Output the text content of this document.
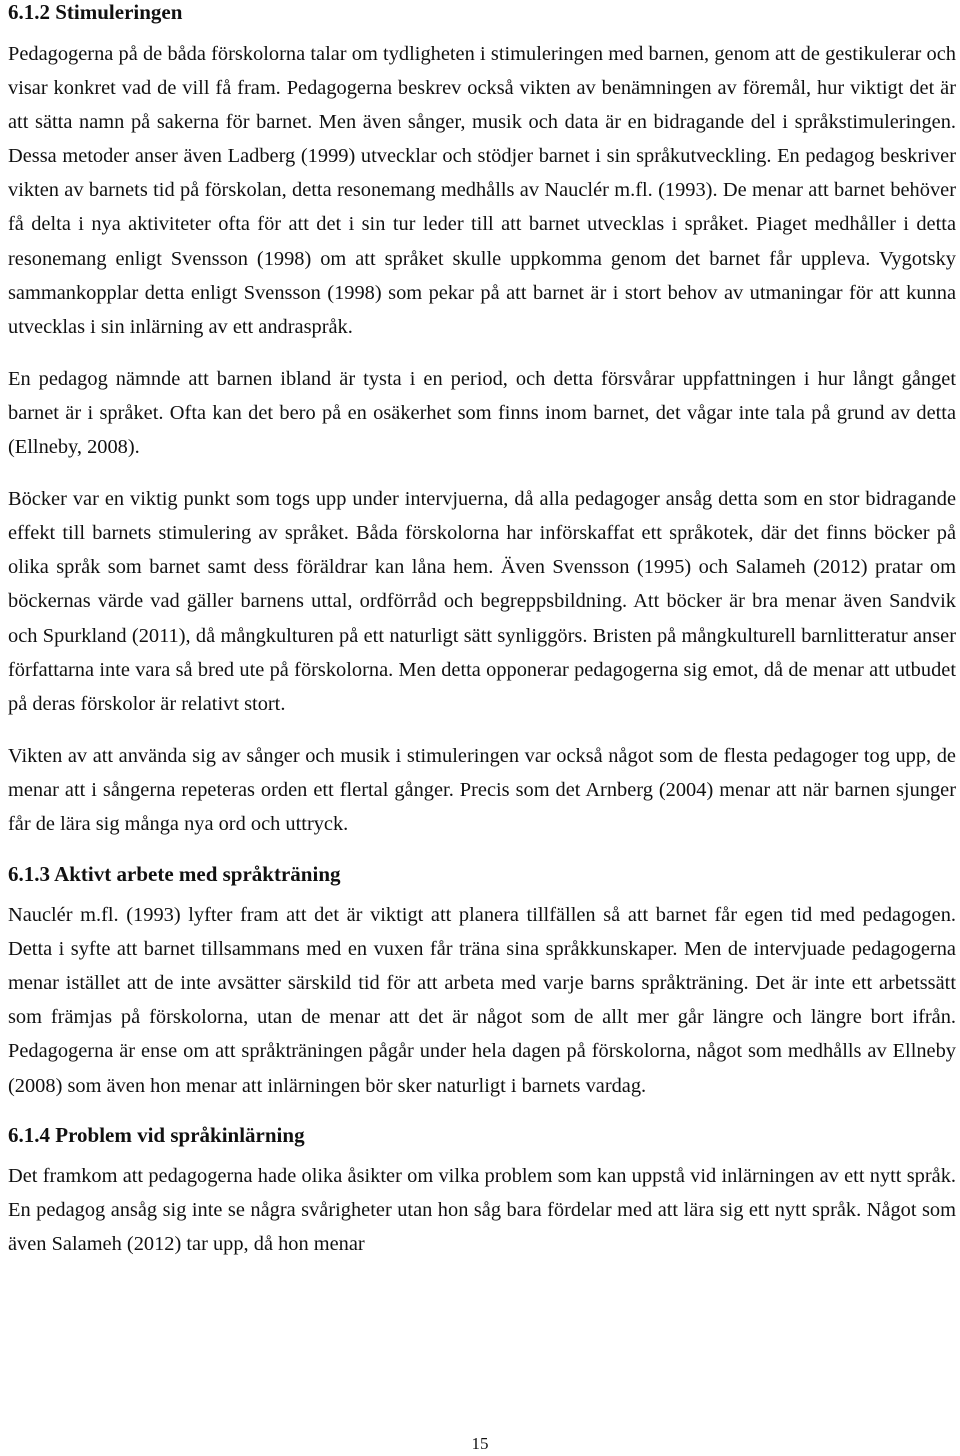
6.1.2 Stimuleringen

Pedagogerna på de båda förskolorna talar om tydligheten i stimuleringen med barnen, genom att de gestikulerar och visar konkret vad de vill få fram. Pedagogerna beskrev också vikten av benämningen av föremål, hur viktigt det är att sätta namn på sakerna för barnet. Men även sånger, musik och data är en bidragande del i språkstimuleringen. Dessa metoder anser även Ladberg (1999) utvecklar och stödjer barnet i sin språkutveckling. En pedagog beskriver vikten av barnets tid på förskolan, detta resonemang medhålls av Nauclér m.fl. (1993). De menar att barnet behöver få delta i nya aktiviteter ofta för att det i sin tur leder till att barnet utvecklas i språket. Piaget medhåller i detta resonemang enligt Svensson (1998) om att språket skulle uppkomma genom det barnet får uppleva. Vygotsky sammankopplar detta enligt Svensson (1998) som pekar på att barnet är i stort behov av utmaningar för att kunna utvecklas i sin inlärning av ett andraspråk.

En pedagog nämnde att barnen ibland är tysta i en period, och detta försvårar uppfattningen i hur långt gånget barnet är i språket. Ofta kan det bero på en osäkerhet som finns inom barnet, det vågar inte tala på grund av detta (Ellneby, 2008).

Böcker var en viktig punkt som togs upp under intervjuerna, då alla pedagoger ansåg detta som en stor bidragande effekt till barnets stimulering av språket. Båda förskolorna har införskaffat ett språkotek, där det finns böcker på olika språk som barnet samt dess föräldrar kan låna hem. Även Svensson (1995) och Salameh (2012) pratar om böckernas värde vad gäller barnens uttal, ordförråd och begreppsbildning. Att böcker är bra menar även Sandvik och Spurkland (2011), då mångkulturen på ett naturligt sätt synliggörs. Bristen på mångkulturell barnlitteratur anser författarna inte vara så bred ute på förskolorna. Men detta opponerar pedagogerna sig emot, då de menar att utbudet på deras förskolor är relativt stort.

Vikten av att använda sig av sånger och musik i stimuleringen var också något som de flesta pedagoger tog upp, de menar att i sångerna repeteras orden ett flertal gånger. Precis som det Arnberg (2004) menar att när barnen sjunger får de lära sig många nya ord och uttryck.

6.1.3 Aktivt arbete med språkträning

Nauclér m.fl. (1993) lyfter fram att det är viktigt att planera tillfällen så att barnet får egen tid med pedagogen. Detta i syfte att barnet tillsammans med en vuxen får träna sina språkkunskaper. Men de intervjuade pedagogerna menar istället att de inte avsätter särskild tid för att arbeta med varje barns språkträning. Det är inte ett arbetssätt som främjas på förskolorna, utan de menar att det är något som de allt mer går längre och längre bort ifrån. Pedagogerna är ense om att språkträningen pågår under hela dagen på förskolorna, något som medhålls av Ellneby (2008) som även hon menar att inlärningen bör sker naturligt i barnets vardag.

6.1.4 Problem vid språkinlärning

Det framkom att pedagogerna hade olika åsikter om vilka problem som kan uppstå vid inlärningen av ett nytt språk. En pedagog ansåg sig inte se några svårigheter utan hon såg bara fördelar med att lära sig ett nytt språk. Något som även Salameh (2012) tar upp, då hon menar

15
